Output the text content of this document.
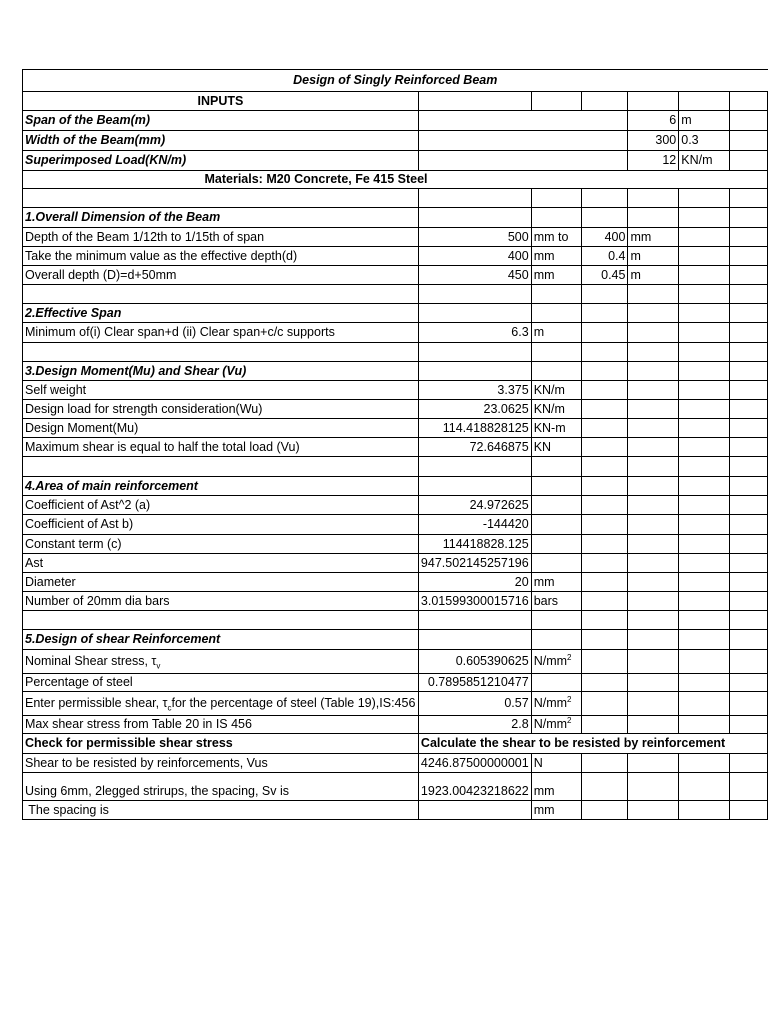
Design of Singly Reinforced Beam						
INPUTS						
Span of the Beam(m)				6	m	
Width of the Beam(mm)				300	0.3	
Superimposed Load(KN/m)				12	KN/m	
Materials: M20 Concrete, Fe 415 Steel						

1.Overall Dimension of the Beam						
Depth of the Beam 1/12th to 1/15th of span	500	mm to	400	mm		
Take the minimum value as the effective depth(d)	400	mm	0.4	m		
Overall depth (D)=d+50mm	450	mm	0.45	m		

2.Effective Span						
Minimum of(i) Clear span+d (ii) Clear span+c/c supports	6.3	m				

3.Design Moment(Mu) and Shear (Vu)						
Self weight	3.375	KN/m				
Design load for strength consideration(Wu)	23.0625	KN/m				
Design Moment(Mu)	114.418828125	KN-m				
Maximum shear is equal to half the total load (Vu)	72.646875	KN				

4.Area of main reinforcement						
Coefficient of Ast^2 (a)	24.972625					
Coefficient of Ast b)	-144420					
Constant term (c)	114418828.125					
Ast	947.502145257196					
Diameter	20	mm				
Number of 20mm dia bars	3.01599300015716	bars				

5.Design of shear Reinforcement						
Nominal Shear stress, $\tau_v$	0.605390625	$N/mm^2$				
Percentage of steel	0.7895851210477					
Enter permissible shear, $\tau_cfor$ the percentage of steel (Table 19),IS:456	0.57	$N/mm^2$				
Max shear stress from Table 20 in IS 456	2.8	$N/mm^2$				
Check for permissible shear stress	Calculate the shear to be resisted by reinforcement					
Shear to be resisted by reinforcements, Vus	4246.87500000001	N				
Using 6mm, 2legged strirups, the spacing, Sv is	1923.00423218622	mm				
The spacing is		mm				
